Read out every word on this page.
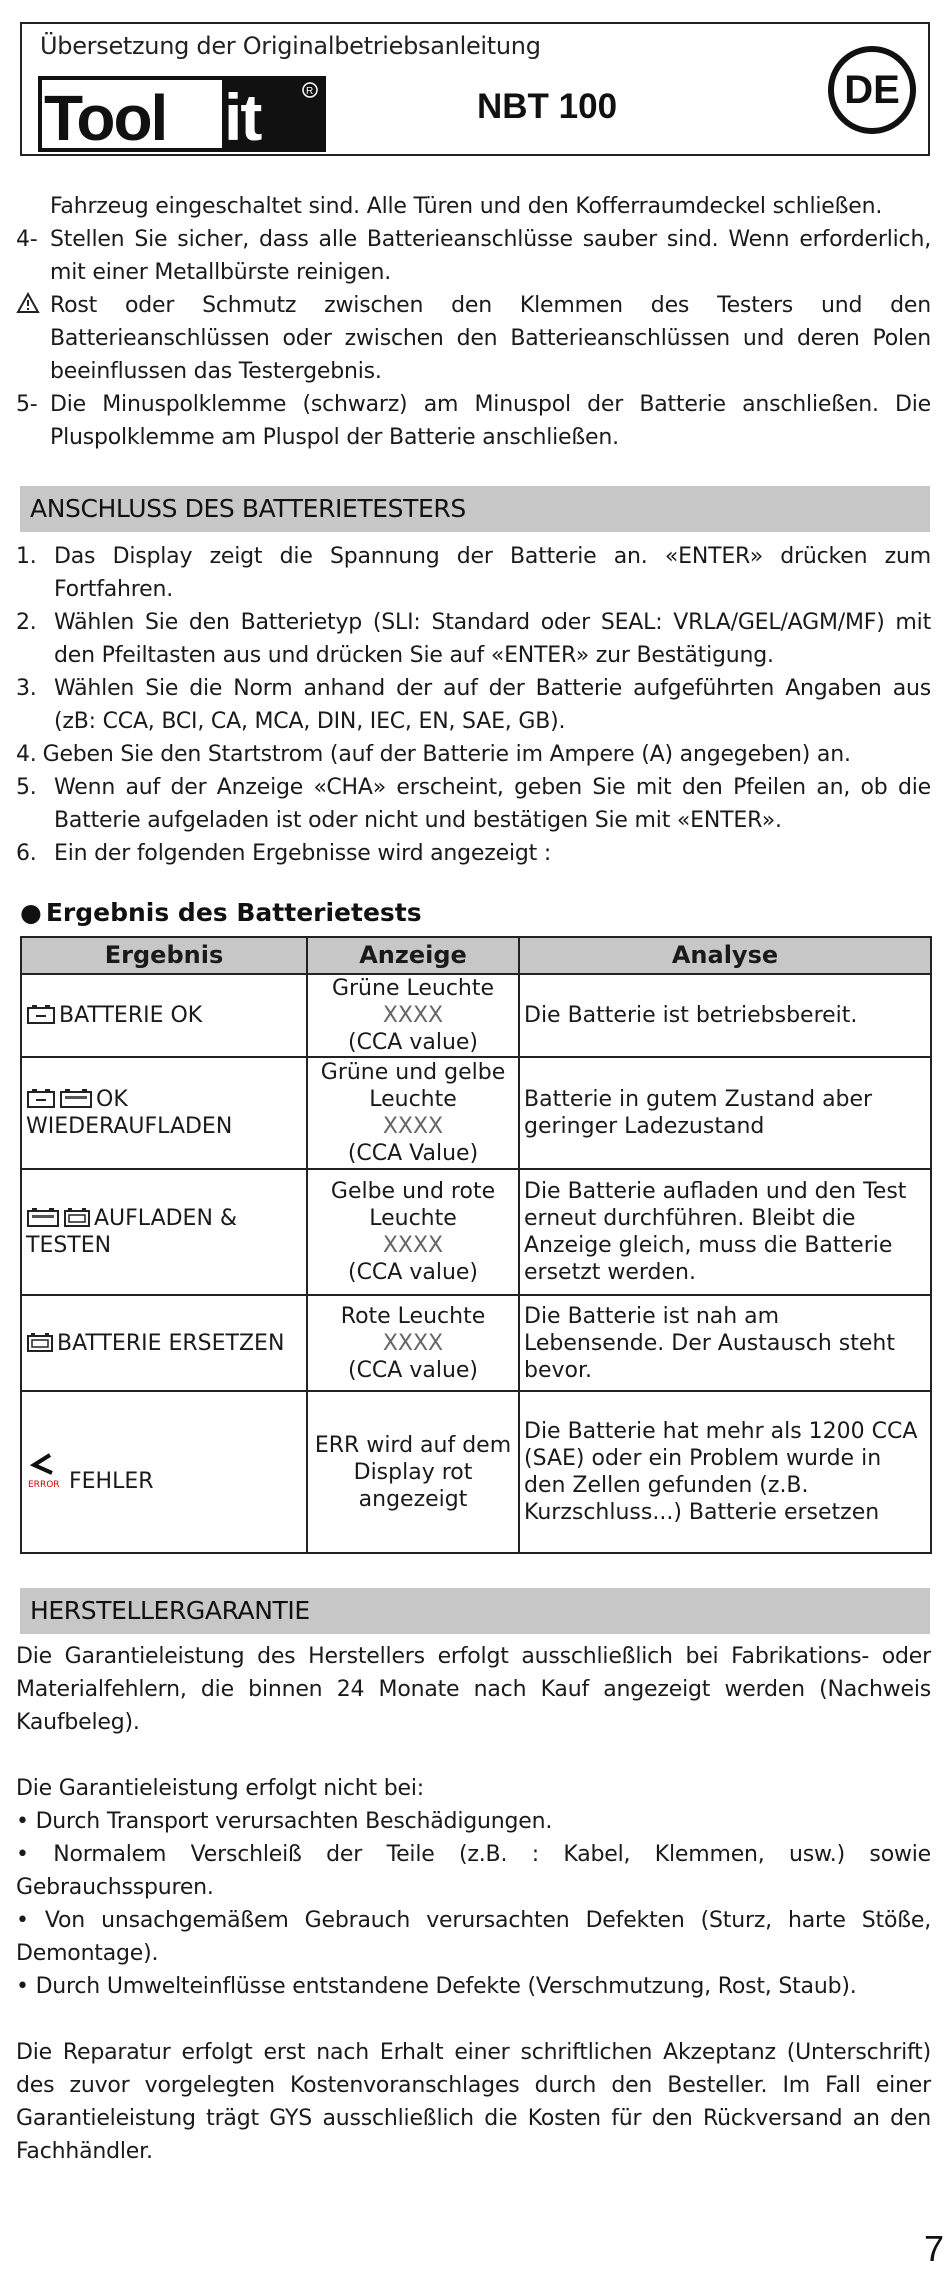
Übersetzung der Originalbetriebsanleitung
Tool it	R	NBT 100	DE
Fahrzeug eingeschaltet sind. Alle Türen und den Kofferraumdeckel schließen.
4- Stellen Sie sicher, dass alle Batterieanschlüsse sauber sind. Wenn erforderlich, mit einer Metallbürste reinigen.
Rost oder Schmutz zwischen den Klemmen des Testers und den Batterieanschlüssen oder zwischen den Batterieanschlüssen und deren Polen beeinflussen das Testergebnis.
5- Die Minuspolklemme (schwarz) am Minuspol der Batterie anschließen. Die Pluspolklemme am Pluspol der Batterie anschließen.
ANSCHLUSS DES BATTERIETESTERS
1. Das Display zeigt die Spannung der Batterie an. «ENTER» drücken zum Fortfahren.
2. Wählen Sie den Batterietyp (SLI: Standard oder SEAL: VRLA/GEL/AGM/MF) mit den Pfeiltasten aus und drücken Sie auf «ENTER» zur Bestätigung.
3. Wählen Sie die Norm anhand der auf der Batterie aufgeführten Angaben aus (zB: CCA, BCI, CA, MCA, DIN, IEC, EN, SAE, GB).
4. Geben Sie den Startstrom (auf der Batterie im Ampere (A) angegeben) an.
5. Wenn auf der Anzeige «CHA» erscheint, geben Sie mit den Pfeilen an, ob die Batterie aufgeladen ist oder nicht und bestätigen Sie mit «ENTER».
6. Ein der folgenden Ergebnisse wird angezeigt :
● Ergebnis des Batterietests
Ergebnis	Anzeige	Analyse
BATTERIE OK	Grüne Leuchte
XXXX
(CCA value)	Die Batterie ist betriebsbereit.
OK WIEDERAUFLADEN	Grüne und gelbe Leuchte
XXXX
(CCA Value)	Batterie in gutem Zustand aber geringer Ladezustand
AUFLADEN & TESTEN	Gelbe und rote Leuchte
XXXX
(CCA value)	Die Batterie aufladen und den Test erneut durchführen. Bleibt die Anzeige gleich, muss die Batterie ersetzt werden.
BATTERIE ERSETZEN	Rote Leuchte
XXXX
(CCA value)	Die Batterie ist nah am Lebensende. Der Austausch steht bevor.

ERROR FEHLER	ERR wird auf dem Display rot angezeigt	Die Batterie hat mehr als 1200 CCA (SAE) oder ein Problem wurde in den Zellen gefunden (z.B. Kurzschluss...) Batterie ersetzen
HERSTELLERGARANTIE

Die Garantieleistung des Herstellers erfolgt ausschließlich bei Fabrikations- oder Materialfehlern, die binnen 24 Monate nach Kauf angezeigt werden (Nachweis Kaufbeleg).

Die Garantieleistung erfolgt nicht bei:

• Durch Transport verursachten Beschädigungen.

• Normalem Verschleiß der Teile (z.B. : Kabel, Klemmen, usw.) sowie Gebrauchsspuren.

• Von unsachgemäßem Gebrauch verursachten Defekten (Sturz, harte Stöße, Demontage).

• Durch Umwelteinflüsse entstandene Defekte (Verschmutzung, Rost, Staub).

Die Reparatur erfolgt erst nach Erhalt einer schriftlichen Akzeptanz (Unterschrift) des zuvor vorgelegten Kostenvoranschlages durch den Besteller. Im Fall einer Garantieleistung trägt GYS ausschließlich die Kosten für den Rückversand an den Fachhändler.

7
